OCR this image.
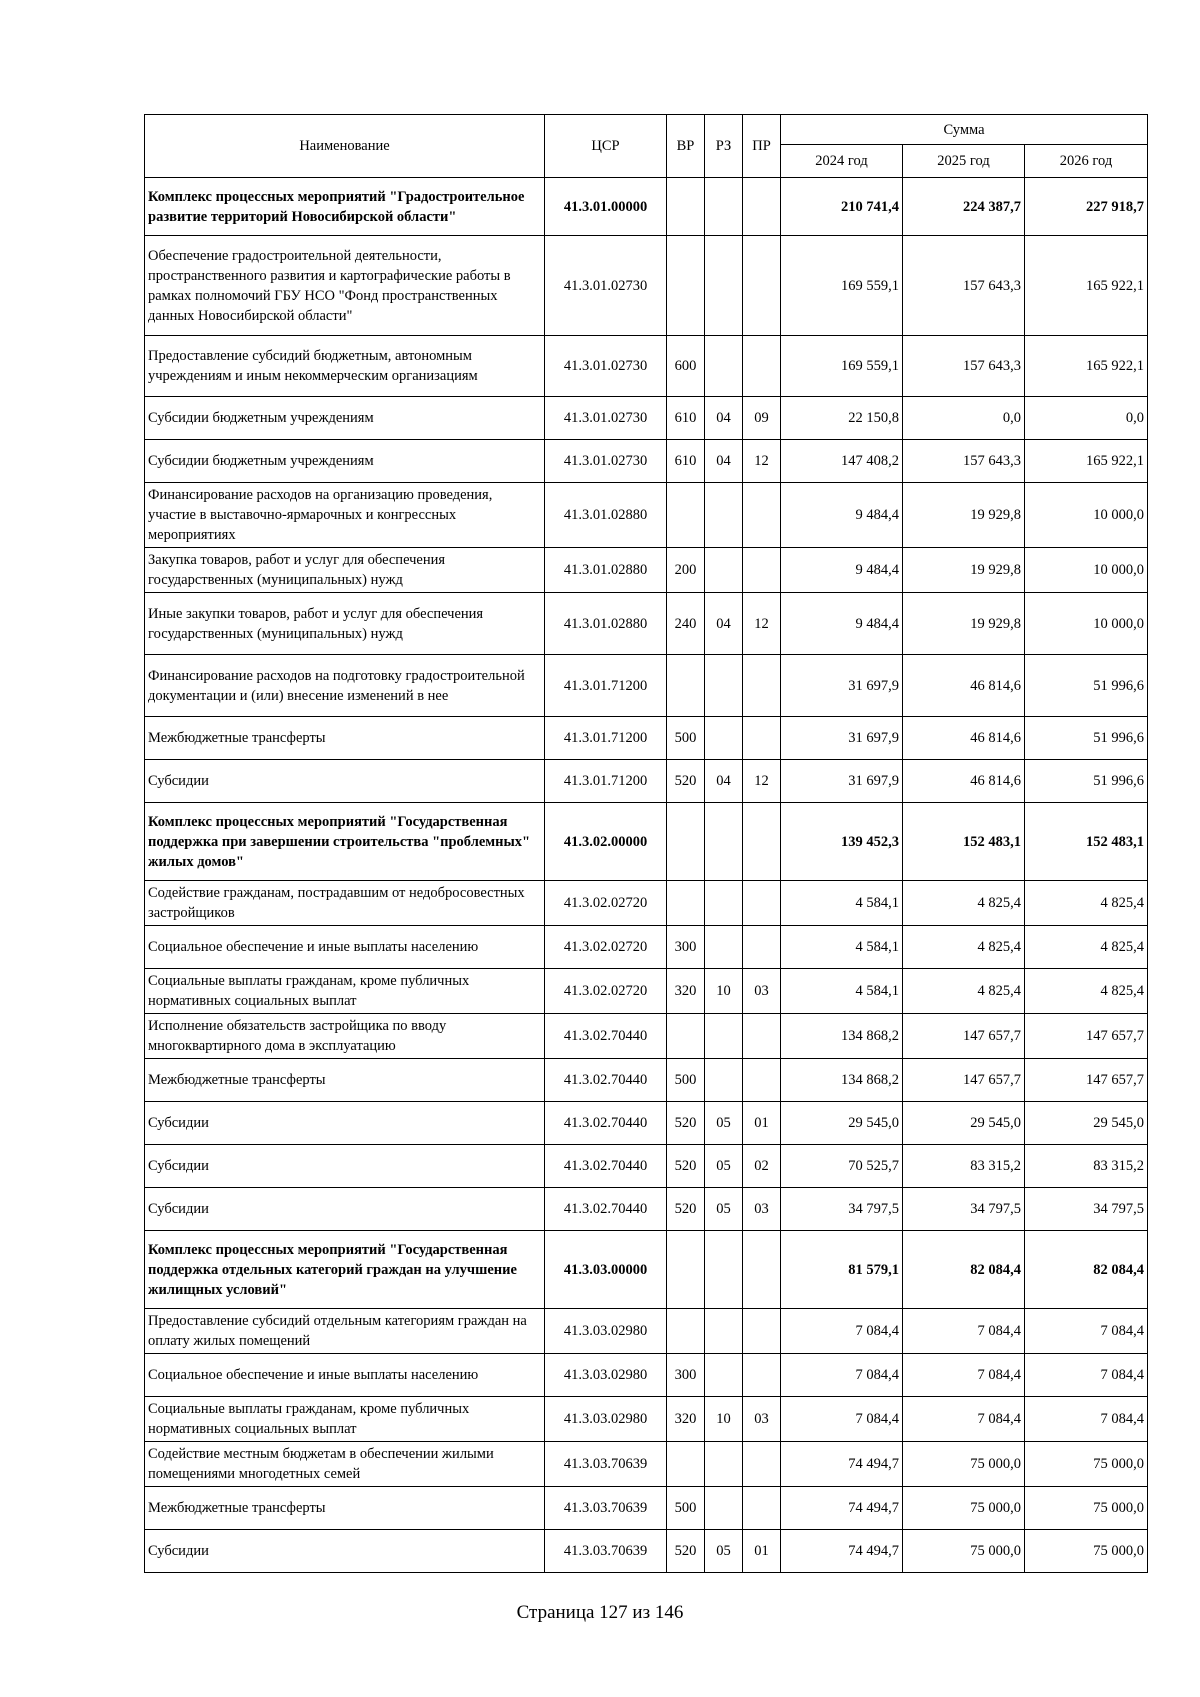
Наименование	ЦСР	ВР	РЗ	ПР	Сумма		
					2024 год	2025 год	2026 год
Комплекс процессных мероприятий "Градостроительное развитие территорий Новосибирской области"	41.3.01.00000				210 741,4	224 387,7	227 918,7
Обеспечение градостроительной деятельности, пространственного развития и картографические работы в рамках полномочий ГБУ НСО "Фонд пространственных данных Новосибирской области"	41.3.01.02730				169 559,1	157 643,3	165 922,1
Предоставление субсидий бюджетным, автономным учреждениям и иным некоммерческим организациям	41.3.01.02730	600			169 559,1	157 643,3	165 922,1
Субсидии бюджетным учреждениям	41.3.01.02730	610	04	09	22 150,8	0,0	0,0
Субсидии бюджетным учреждениям	41.3.01.02730	610	04	12	147 408,2	157 643,3	165 922,1
Финансирование расходов на организацию проведения, участие в выставочно-ярмарочных и конгрессных мероприятиях	41.3.01.02880				9 484,4	19 929,8	10 000,0
Закупка товаров, работ и услуг для обеспечения государственных (муниципальных) нужд	41.3.01.02880	200			9 484,4	19 929,8	10 000,0
Иные закупки товаров, работ и услуг для обеспечения государственных (муниципальных) нужд	41.3.01.02880	240	04	12	9 484,4	19 929,8	10 000,0
Финансирование расходов на подготовку градостроительной документации и (или) внесение изменений в нее	41.3.01.71200				31 697,9	46 814,6	51 996,6
Межбюджетные трансферты	41.3.01.71200	500			31 697,9	46 814,6	51 996,6
Субсидии	41.3.01.71200	520	04	12	31 697,9	46 814,6	51 996,6
Комплекс процессных мероприятий "Государственная поддержка при завершении строительства "проблемных" жилых домов"	41.3.02.00000				139 452,3	152 483,1	152 483,1
Содействие гражданам, пострадавшим от недобросовестных застройщиков	41.3.02.02720				4 584,1	4 825,4	4 825,4
Социальное обеспечение и иные выплаты населению	41.3.02.02720	300			4 584,1	4 825,4	4 825,4
Социальные выплаты гражданам, кроме публичных нормативных социальных выплат	41.3.02.02720	320	10	03	4 584,1	4 825,4	4 825,4
Исполнение обязательств застройщика по вводу многоквартирного дома в эксплуатацию	41.3.02.70440				134 868,2	147 657,7	147 657,7
Межбюджетные трансферты	41.3.02.70440	500			134 868,2	147 657,7	147 657,7
Субсидии	41.3.02.70440	520	05	01	29 545,0	29 545,0	29 545,0
Субсидии	41.3.02.70440	520	05	02	70 525,7	83 315,2	83 315,2
Субсидии	41.3.02.70440	520	05	03	34 797,5	34 797,5	34 797,5
Комплекс процессных мероприятий "Государственная поддержка отдельных категорий граждан на улучшение жилищных условий"	41.3.03.00000				81 579,1	82 084,4	82 084,4
Предоставление субсидий отдельным категориям граждан на оплату жилых помещений	41.3.03.02980				7 084,4	7 084,4	7 084,4
Социальное обеспечение и иные выплаты населению	41.3.03.02980	300			7 084,4	7 084,4	7 084,4
Социальные выплаты гражданам, кроме публичных нормативных социальных выплат	41.3.03.02980	320	10	03	7 084,4	7 084,4	7 084,4
Содействие местным бюджетам в обеспечении жилыми помещениями многодетных семей	41.3.03.70639				74 494,7	75 000,0	75 000,0
Межбюджетные трансферты	41.3.03.70639	500			74 494,7	75 000,0	75 000,0
Субсидии	41.3.03.70639	520	05	01	74 494,7	75 000,0	75 000,0
Страница 127 из 146
